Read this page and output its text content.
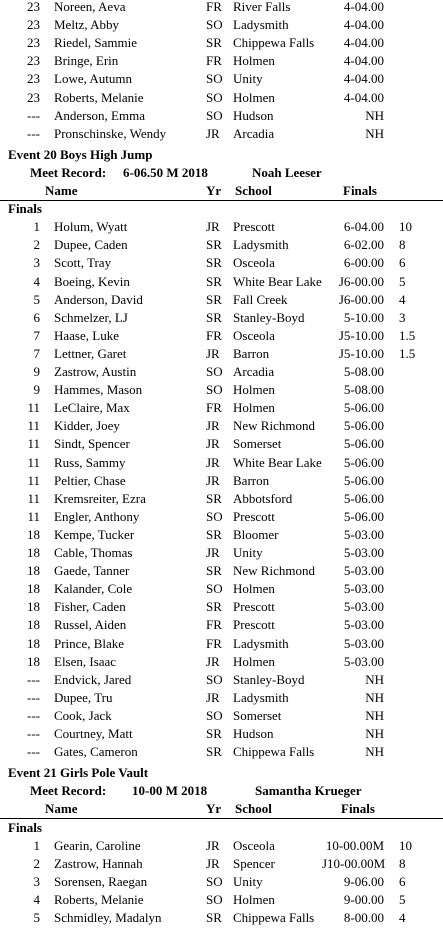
23 Noreen, Aeva	FR River Falls	4-04.00
23 Meltz, Abby	SO Ladysmith	4-04.00
23 Riedel, Sammie	SR Chippewa Falls	4-04.00
23 Bringe, Erin	FR Holmen	4-04.00
23 Lowe, Autumn	SO Unity	4-04.00
23 Roberts, Melanie	SO Holmen	4-04.00
--- Anderson, Emma	SO Hudson	NH
--- Pronschinske, Wendy	JR Arcadia	NH
Event 20 Boys High Jump
Meet Record: 6-06.50 M 2018	Noah Leeser
Name	Yr School	Finals
Finals
1 Holum, Wyatt	JR Prescott	6-04.00 10
2 Dupee, Caden	SR Ladysmith	6-02.00 8
3 Scott, Tray	SR Osceola	6-00.00 6
4 Boeing, Kevin	SR White Bear Lake	J6-00.00 5
5 Anderson, David	SR Fall Creek	J6-00.00 4
6 Schmelzer, LJ	SR Stanley-Boyd	5-10.00 3
7 Haase, Luke	FR Osceola	J5-10.00 1.5
7 Lettner, Garet	JR Barron	J5-10.00 1.5
9 Zastrow, Austin	SO Arcadia	5-08.00
9 Hammes, Mason	SO Holmen	5-08.00
11 LeClaire, Max	FR Holmen	5-06.00
11 Kidder, Joey	JR New Richmond	5-06.00
11 Sindt, Spencer	JR Somerset	5-06.00
11 Russ, Sammy	JR White Bear Lake	5-06.00
11 Peltier, Chase	JR Barron	5-06.00
11 Kremsreiter, Ezra	SR Abbotsford	5-06.00
11 Engler, Anthony	SO Prescott	5-06.00
18 Kempe, Tucker	SR Bloomer	5-03.00
18 Cable, Thomas	JR Unity	5-03.00
18 Gaede, Tanner	SR New Richmond	5-03.00
18 Kalander, Cole	SO Holmen	5-03.00
18 Fisher, Caden	SR Prescott	5-03.00
18 Russel, Aiden	FR Prescott	5-03.00
18 Prince, Blake	FR Ladysmith	5-03.00
18 Elsen, Isaac	JR Holmen	5-03.00
--- Endvick, Jared	SO Stanley-Boyd	NH
--- Dupee, Tru	JR Ladysmith	NH
--- Cook, Jack	SO Somerset	NH
--- Courtney, Matt	SR Hudson	NH
--- Gates, Cameron	SR Chippewa Falls	NH
Event 21 Girls Pole Vault
Meet Record: 10-00 M 2018	Samantha Krueger
Name	Yr School	Finals
Finals
1 Gearin, Caroline	JR Osceola	10-00.00M 10
2 Zastrow, Hannah	JR Spencer	J10-00.00M 8
3 Sorensen, Raegan	SO Unity	9-06.00 6
4 Roberts, Melanie	SO Holmen	9-00.00 5
5 Schmidley, Madalyn	SR Chippewa Falls	8-00.00 4
